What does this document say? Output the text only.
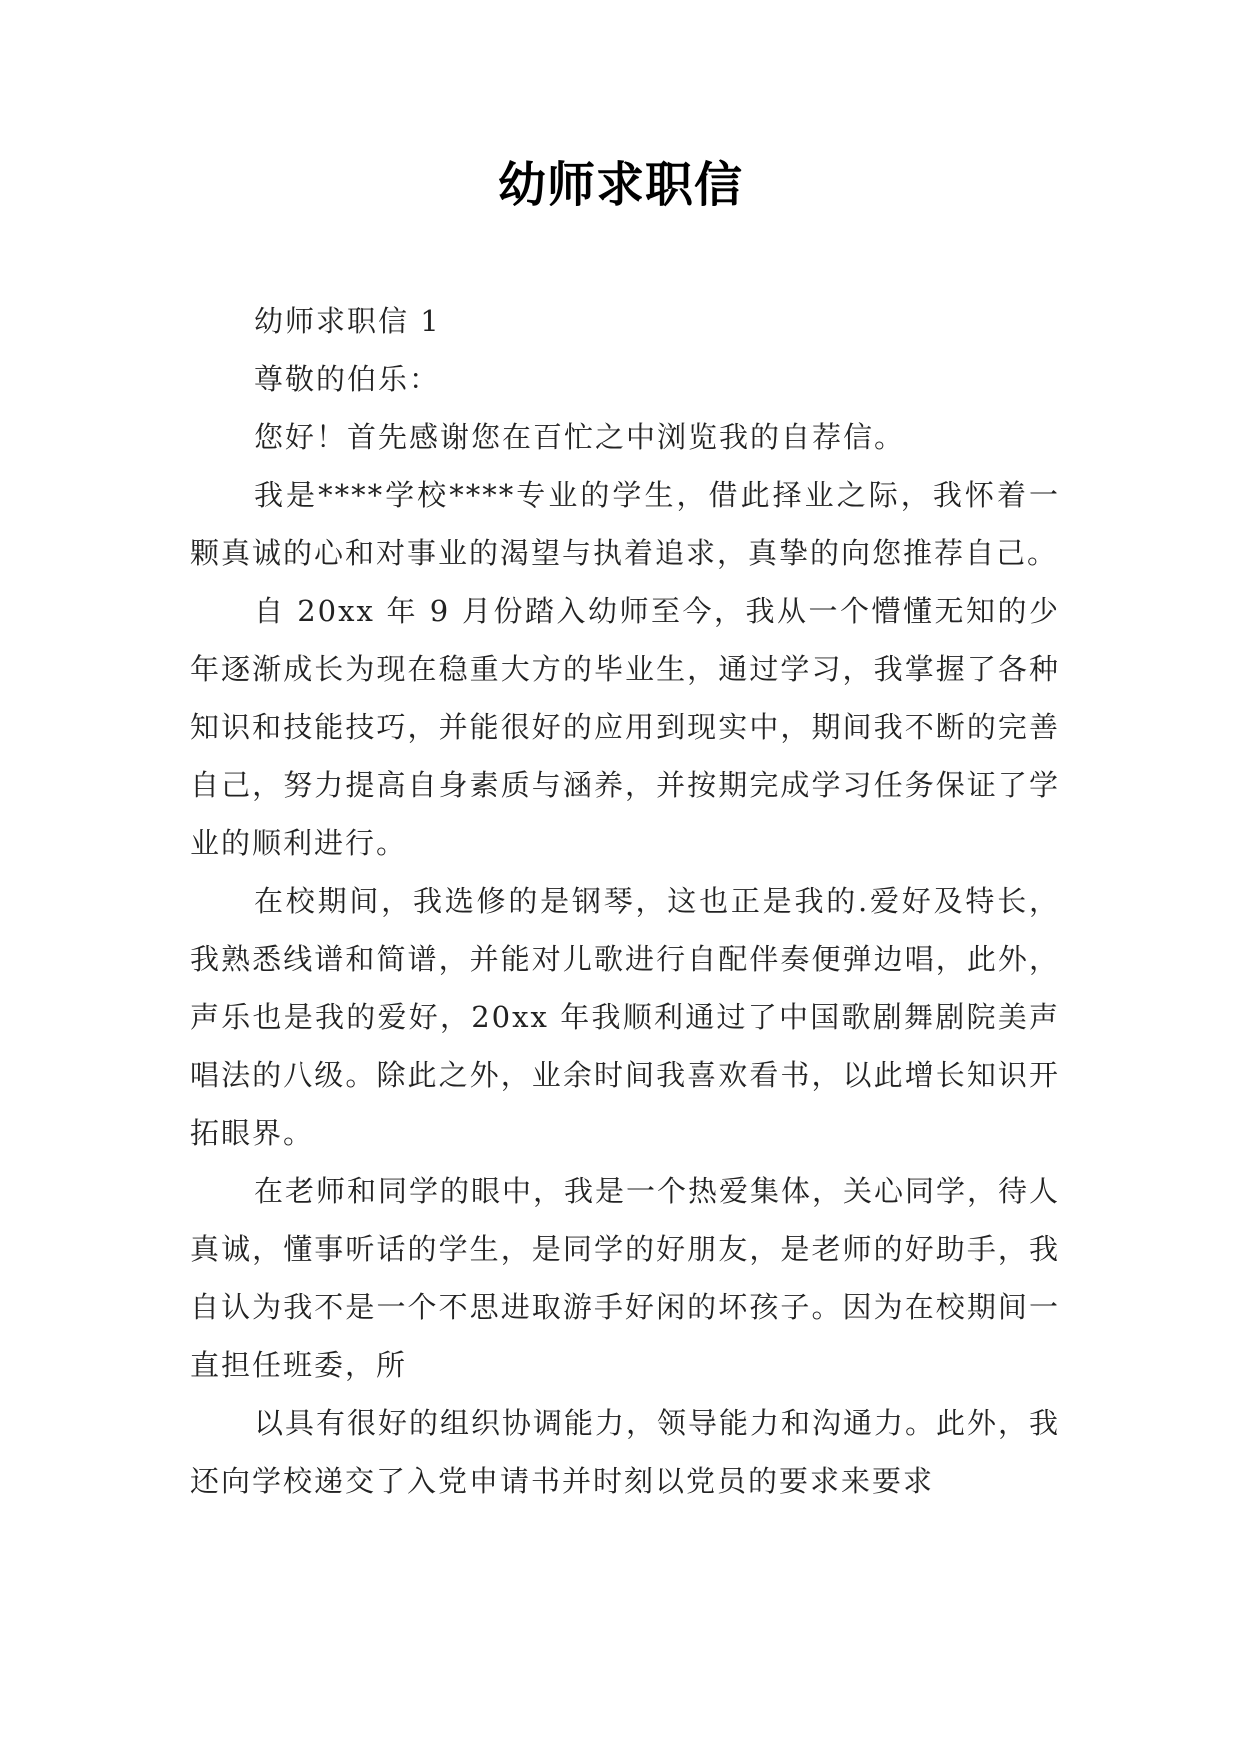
幼师求职信

幼师求职信 1

尊敬的伯乐：

您好！首先感谢您在百忙之中浏览我的自荐信。

我是****学校****专业的学生，借此择业之际，我怀着一颗真诚的心和对事业的渴望与执着追求，真挚的向您推荐自己。

自 20xx 年 9 月份踏入幼师至今，我从一个懵懂无知的少年逐渐成长为现在稳重大方的毕业生，通过学习，我掌握了各种知识和技能技巧，并能很好的应用到现实中，期间我不断的完善自己，努力提高自身素质与涵养，并按期完成学习任务保证了学业的顺利进行。

在校期间，我选修的是钢琴，这也正是我的.爱好及特长，我熟悉线谱和简谱，并能对儿歌进行自配伴奏便弹边唱，此外，声乐也是我的爱好，20xx 年我顺利通过了中国歌剧舞剧院美声唱法的八级。除此之外，业余时间我喜欢看书，以此增长知识开拓眼界。

在老师和同学的眼中，我是一个热爱集体，关心同学，待人真诚，懂事听话的学生，是同学的好朋友，是老师的好助手，我自认为我不是一个不思进取游手好闲的坏孩子。因为在校期间一直担任班委，所

以具有很好的组织协调能力，领导能力和沟通力。此外，我还向学校递交了入党申请书并时刻以党员的要求来要求
